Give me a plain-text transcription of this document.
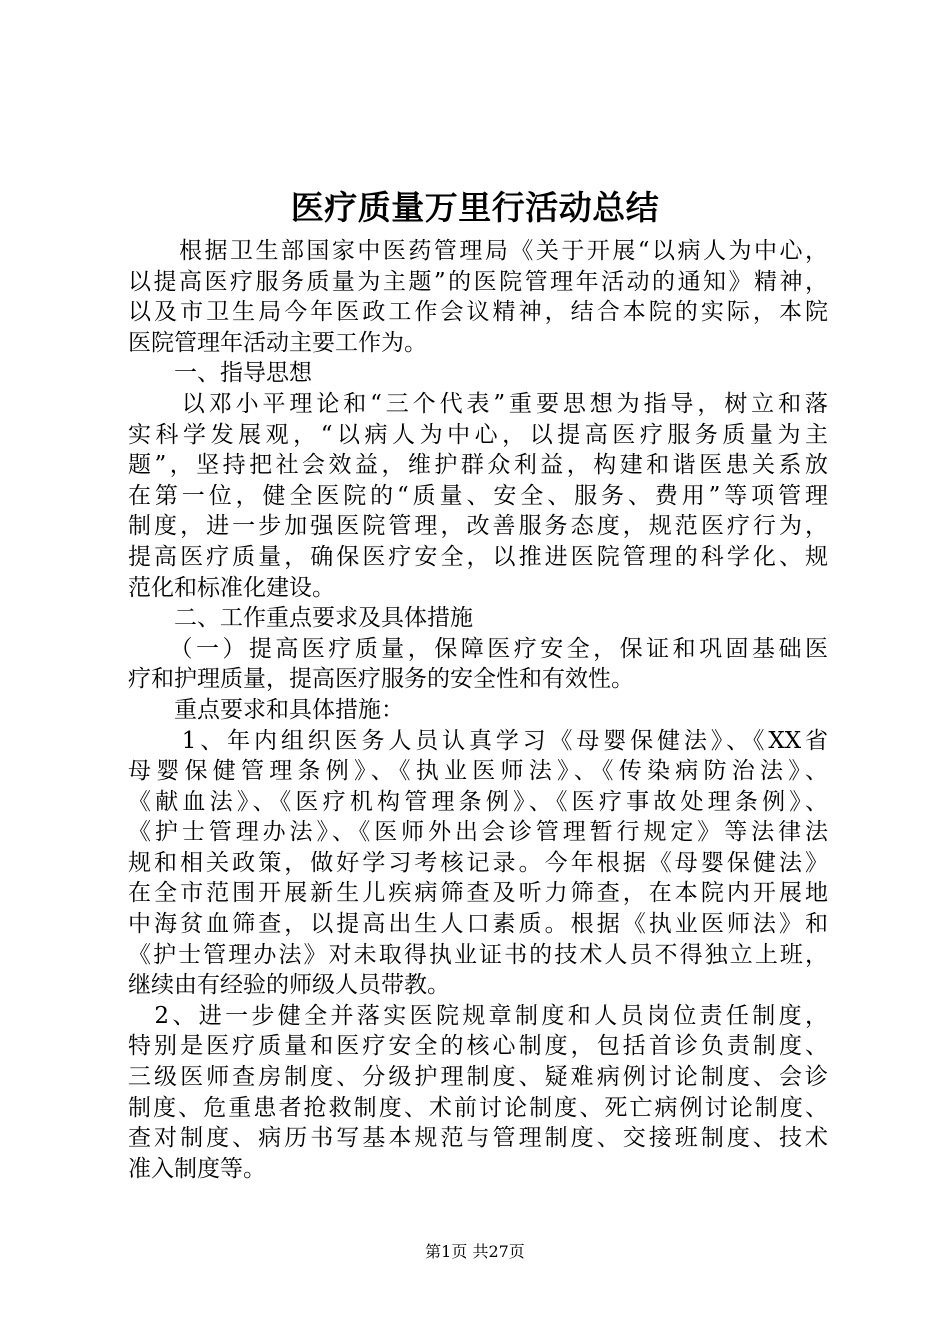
医疗质量万里行活动总结
　　根据卫生部国家中医药管理局《关于开展“以病人为中心，
以提高医疗服务质量为主题”的医院管理年活动的通知》精神，
以及市卫生局今年医政工作会议精神，结合本院的实际，本院
医院管理年活动主要工作为。
　　一、指导思想
　　以邓小平理论和“三个代表”重要思想为指导，树立和落
实科学发展观，“以病人为中心，以提高医疗服务质量为主
题”，坚持把社会效益，维护群众利益，构建和谐医患关系放
在第一位，健全医院的“质量、安全、服务、费用”等项管理
制度，进一步加强医院管理，改善服务态度，规范医疗行为，
提高医疗质量，确保医疗安全，以推进医院管理的科学化、规
范化和标准化建设。
　　二、工作重点要求及具体措施
　　（一）提高医疗质量，保障医疗安全，保证和巩固基础医
疗和护理质量，提高医疗服务的安全性和有效性。
　　重点要求和具体措施：
　　1、年内组织医务人员认真学习《母婴保健法》、《XX省
母婴保健管理条例》、《执业医师法》、《传染病防治法》、
《献血法》、《医疗机构管理条例》、《医疗事故处理条例》、
《护士管理办法》、《医师外出会诊管理暂行规定》等法律法
规和相关政策，做好学习考核记录。今年根据《母婴保健法》
在全市范围开展新生儿疾病筛查及听力筛查，在本院内开展地
中海贫血筛查，以提高出生人口素质。根据《执业医师法》和
《护士管理办法》对未取得执业证书的技术人员不得独立上班，
继续由有经验的师级人员带教。
　2、进一步健全并落实医院规章制度和人员岗位责任制度，
特别是医疗质量和医疗安全的核心制度，包括首诊负责制度、
三级医师查房制度、分级护理制度、疑难病例讨论制度、会诊
制度、危重患者抢救制度、术前讨论制度、死亡病例讨论制度、
查对制度、病历书写基本规范与管理制度、交接班制度、技术
准入制度等。
第1页 共27页
